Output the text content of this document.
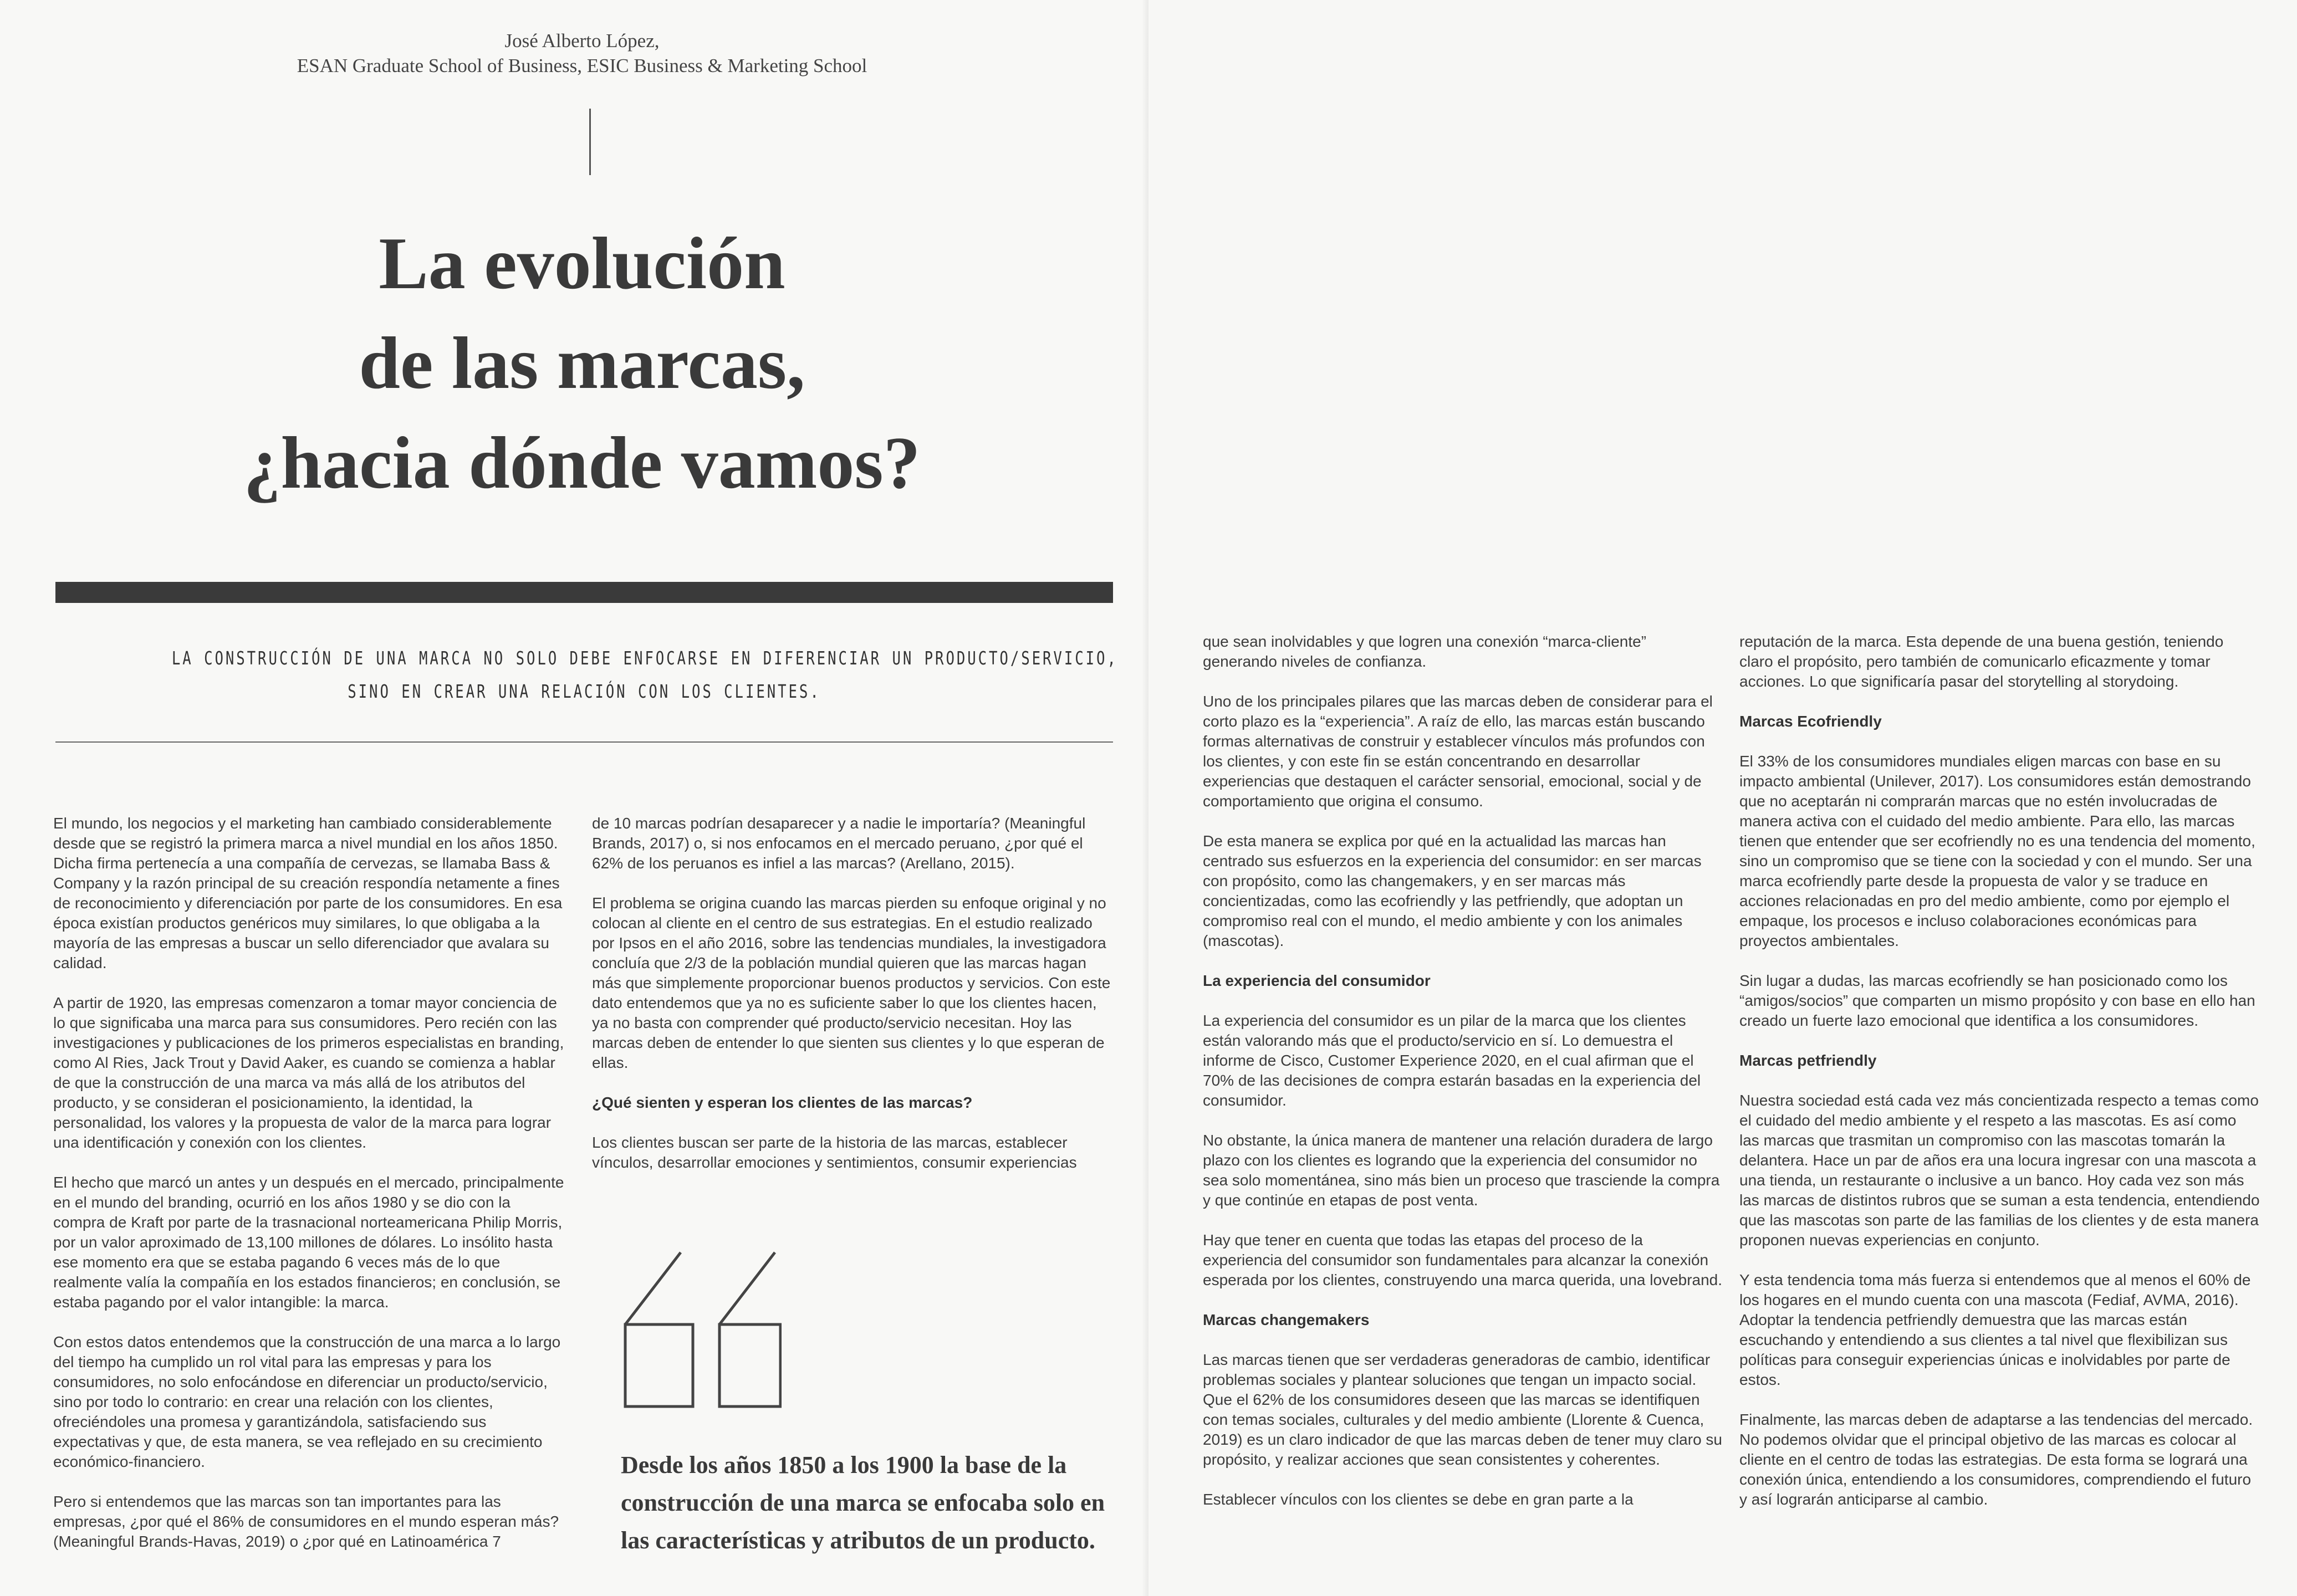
José Alberto López,
ESAN Graduate School of Business, ESIC Business & Marketing School
La evolución
de las marcas,
¿hacia dónde vamos?
LA CONSTRUCCIÓN DE UNA MARCA NO SOLO DEBE ENFOCARSE EN DIFERENCIAR UN PRODUCTO/SERVICIO,
SINO EN CREAR UNA RELACIÓN CON LOS CLIENTES.

El mundo, los negocios y el marketing han cambiado considerablemente desde que se registró la primera marca a nivel mundial en los años 1850. Dicha firma pertenecía a una compañía de cervezas, se llamaba Bass & Company y la razón principal de su creación respondía netamente a fines de reconocimiento y diferenciación por parte de los consumidores. En esa época existían productos genéricos muy similares, lo que obligaba a la mayoría de las empresas a buscar un sello diferenciador que avalara su calidad.

A partir de 1920, las empresas comenzaron a tomar mayor conciencia de lo que significaba una marca para sus consumidores. Pero recién con las investigaciones y publicaciones de los primeros especialistas en branding, como Al Ries, Jack Trout y David Aaker, es cuando se comienza a hablar de que la construcción de una marca va más allá de los atributos del producto, y se consideran el posicionamiento, la identidad, la personalidad, los valores y la propuesta de valor de la marca para lograr una identificación y conexión con los clientes.

El hecho que marcó un antes y un después en el mercado, principalmente en el mundo del branding, ocurrió en los años 1980 y se dio con la compra de Kraft por parte de la trasnacional norteamericana Philip Morris, por un valor aproximado de 13,100 millones de dólares. Lo insólito hasta ese momento era que se estaba pagando 6 veces más de lo que realmente valía la compañía en los estados financieros; en conclusión, se estaba pagando por el valor intangible: la marca.

Con estos datos entendemos que la construcción de una marca a lo largo del tiempo ha cumplido un rol vital para las empresas y para los consumidores, no solo enfocándose en diferenciar un producto/servicio, sino por todo lo contrario: en crear una relación con los clientes, ofreciéndoles una promesa y garantizándola, satisfaciendo sus expectativas y que, de esta manera, se vea reflejado en su crecimiento económico-financiero.

Pero si entendemos que las marcas son tan importantes para las empresas, ¿por qué el 86% de consumidores en el mundo esperan más? (Meaningful Brands-Havas, 2019) o ¿por qué en Latinoamérica 7

de 10 marcas podrían desaparecer y a nadie le importaría? (Meaningful Brands, 2017) o, si nos enfocamos en el mercado peruano, ¿por qué el 62% de los peruanos es infiel a las marcas? (Arellano, 2015).

El problema se origina cuando las marcas pierden su enfoque original y no colocan al cliente en el centro de sus estrategias. En el estudio realizado por Ipsos en el año 2016, sobre las tendencias mundiales, la investigadora concluía que 2/3 de la población mundial quieren que las marcas hagan más que simplemente proporcionar buenos productos y servicios. Con este dato entendemos que ya no es suficiente saber lo que los clientes hacen, ya no basta con comprender qué producto/servicio necesitan. Hoy las marcas deben de entender lo que sienten sus clientes y lo que esperan de ellas.

¿Qué sienten y esperan los clientes de las marcas?

Los clientes buscan ser parte de la historia de las marcas, establecer vínculos, desarrollar emociones y sentimientos, consumir experiencias

Desde los años 1850 a los 1900 la base de la
construcción de una marca se enfocaba solo en
las características y atributos de un producto.

que sean inolvidables y que logren una conexión “marca-cliente” generando niveles de confianza.

Uno de los principales pilares que las marcas deben de considerar para el corto plazo es la “experiencia”. A raíz de ello, las marcas están buscando formas alternativas de construir y establecer vínculos más profundos con los clientes, y con este fin se están concentrando en desarrollar experiencias que destaquen el carácter sensorial, emocional, social y de comportamiento que origina el consumo.

De esta manera se explica por qué en la actualidad las marcas han centrado sus esfuerzos en la experiencia del consumidor: en ser marcas con propósito, como las changemakers, y en ser marcas más concientizadas, como las ecofriendly y las petfriendly, que adoptan un compromiso real con el mundo, el medio ambiente y con los animales (mascotas).

La experiencia del consumidor

La experiencia del consumidor es un pilar de la marca que los clientes están valorando más que el producto/servicio en sí. Lo demuestra el informe de Cisco, Customer Experience 2020, en el cual afirman que el 70% de las decisiones de compra estarán basadas en la experiencia del consumidor.

No obstante, la única manera de mantener una relación duradera de largo plazo con los clientes es logrando que la experiencia del consumidor no sea solo momentánea, sino más bien un proceso que trasciende la compra y que continúe en etapas de post venta.

Hay que tener en cuenta que todas las etapas del proceso de la experiencia del consumidor son fundamentales para alcanzar la conexión esperada por los clientes, construyendo una marca querida, una lovebrand.

Marcas changemakers

Las marcas tienen que ser verdaderas generadoras de cambio, identificar problemas sociales y plantear soluciones que tengan un impacto social. Que el 62% de los consumidores deseen que las marcas se identifiquen con temas sociales, culturales y del medio ambiente (Llorente & Cuenca, 2019) es un claro indicador de que las marcas deben de tener muy claro su propósito, y realizar acciones que sean consistentes y coherentes.

Establecer vínculos con los clientes se debe en gran parte a la

reputación de la marca. Esta depende de una buena gestión, teniendo claro el propósito, pero también de comunicarlo eficazmente y tomar acciones. Lo que significaría pasar del storytelling al storydoing.

Marcas Ecofriendly

El 33% de los consumidores mundiales eligen marcas con base en su impacto ambiental (Unilever, 2017). Los consumidores están demostrando que no aceptarán ni comprarán marcas que no estén involucradas de manera activa con el cuidado del medio ambiente. Para ello, las marcas tienen que entender que ser ecofriendly no es una tendencia del momento, sino un compromiso que se tiene con la sociedad y con el mundo. Ser una marca ecofriendly parte desde la propuesta de valor y se traduce en acciones relacionadas en pro del medio ambiente, como por ejemplo el empaque, los procesos e incluso colaboraciones económicas para proyectos ambientales.

Sin lugar a dudas, las marcas ecofriendly se han posicionado como los “amigos/socios” que comparten un mismo propósito y con base en ello han creado un fuerte lazo emocional que identifica a los consumidores.

Marcas petfriendly

Nuestra sociedad está cada vez más concientizada respecto a temas como el cuidado del medio ambiente y el respeto a las mascotas. Es así como las marcas que trasmitan un compromiso con las mascotas tomarán la delantera. Hace un par de años era una locura ingresar con una mascota a una tienda, un restaurante o inclusive a un banco. Hoy cada vez son más las marcas de distintos rubros que se suman a esta tendencia, entendiendo que las mascotas son parte de las familias de los clientes y de esta manera proponen nuevas experiencias en conjunto.

Y esta tendencia toma más fuerza si entendemos que al menos el 60% de los hogares en el mundo cuenta con una mascota (Fediaf, AVMA, 2016). Adoptar la tendencia petfriendly demuestra que las marcas están escuchando y entendiendo a sus clientes a tal nivel que flexibilizan sus políticas para conseguir experiencias únicas e inolvidables por parte de estos.

Finalmente, las marcas deben de adaptarse a las tendencias del mercado. No podemos olvidar que el principal objetivo de las marcas es colocar al cliente en el centro de todas las estrategias. De esta forma se logrará una conexión única, entendiendo a los consumidores, comprendiendo el futuro y así lograrán anticiparse al cambio.
